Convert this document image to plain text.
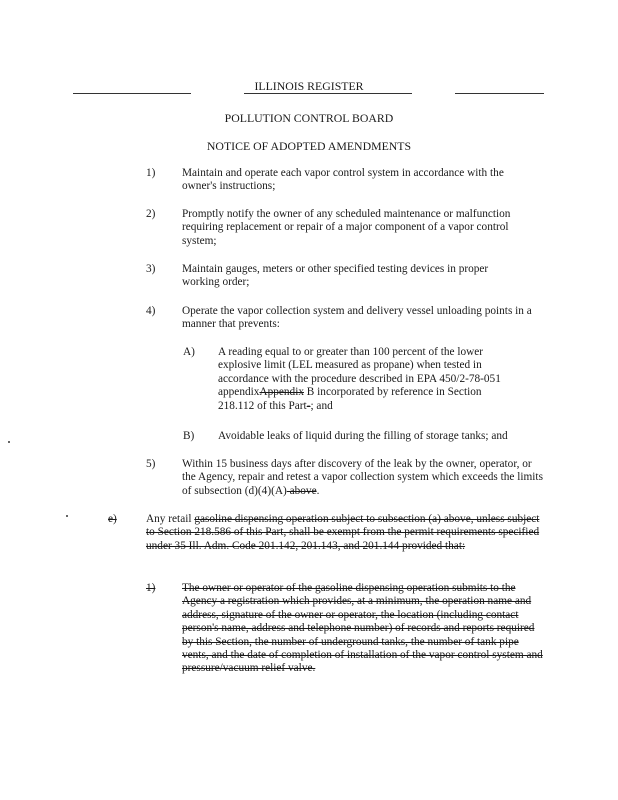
ILLINOIS REGISTER
POLLUTION CONTROL BOARD
NOTICE OF ADOPTED AMENDMENTS
1) Maintain and operate each vapor control system in accordance with the owner's instructions;
2) Promptly notify the owner of any scheduled maintenance or malfunction requiring replacement or repair of a major component of a vapor control system;
3) Maintain gauges, meters or other specified testing devices in proper working order;
4) Operate the vapor collection system and delivery vessel unloading points in a manner that prevents:
A) A reading equal to or greater than 100 percent of the lower explosive limit (LEL measured as propane) when tested in accordance with the procedure described in EPA 450/2-78-051 appendixAppendix B incorporated by reference in Section 218.112 of this Part-; and
B) Avoidable leaks of liquid during the filling of storage tanks; and
5) Within 15 business days after discovery of the leak by the owner, operator, or the Agency, repair and retest a vapor collection system which exceeds the limits of subsection (d)(4)(A) above.
e)	Any retail gasoline dispensing operation subject to subsection (a) above, unless subject to Section 218.586 of this Part, shall be exempt from the permit requirements specified under 35 Ill. Adm. Code 201.142, 201.143, and 201.144 provided that:
1) The owner or operator of the gasoline dispensing operation submits to the Agency a registration which provides, at a minimum, the operation name and address, signature of the owner or operator, the location (including contact person's name, address and telephone number) of records and reports required by this Section, the number of underground tanks, the number of tank pipe vents, and the date of completion of installation of the vapor control system and pressure/vacuum relief valve.
